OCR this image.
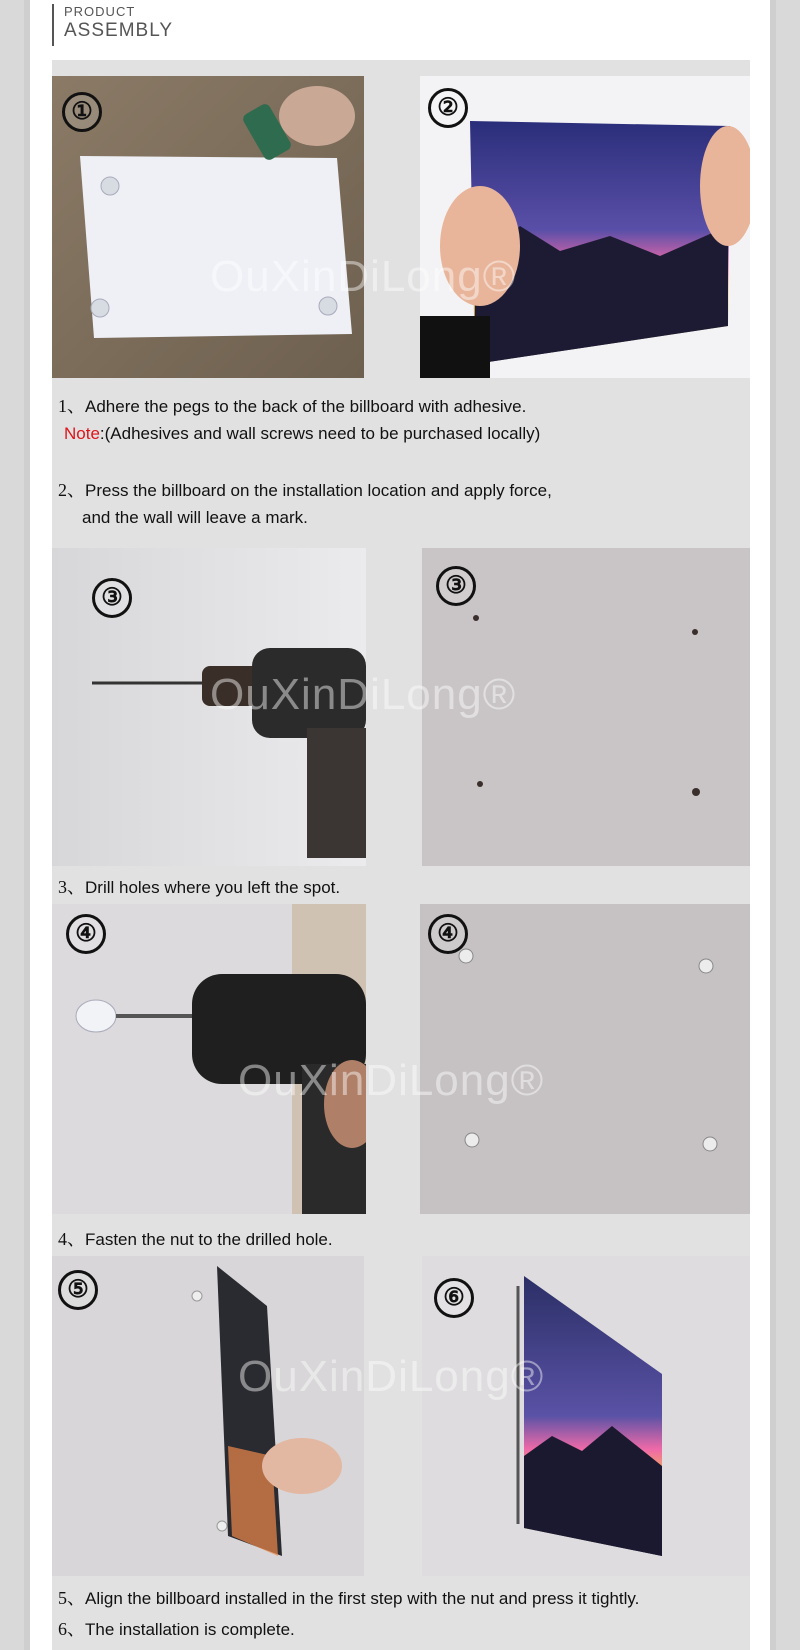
PRODUCT
ASSEMBLY
①	②
OuXinDiLong®
1、Adhere the pegs to the back of the billboard with adhesive.
Note:(Adhesives and wall screws need to be purchased locally)
2、Press the billboard on the installation location and apply force,
and the wall will leave a mark.
③	③
OuXinDiLong®
3、Drill holes where you left the spot.
④	④
OuXinDiLong®
4、Fasten the nut to the drilled hole.
⑤	⑥
OuXinDiLong®
5、Align the billboard installed in the first step with the nut and press it tightly.
6、The installation is complete.
